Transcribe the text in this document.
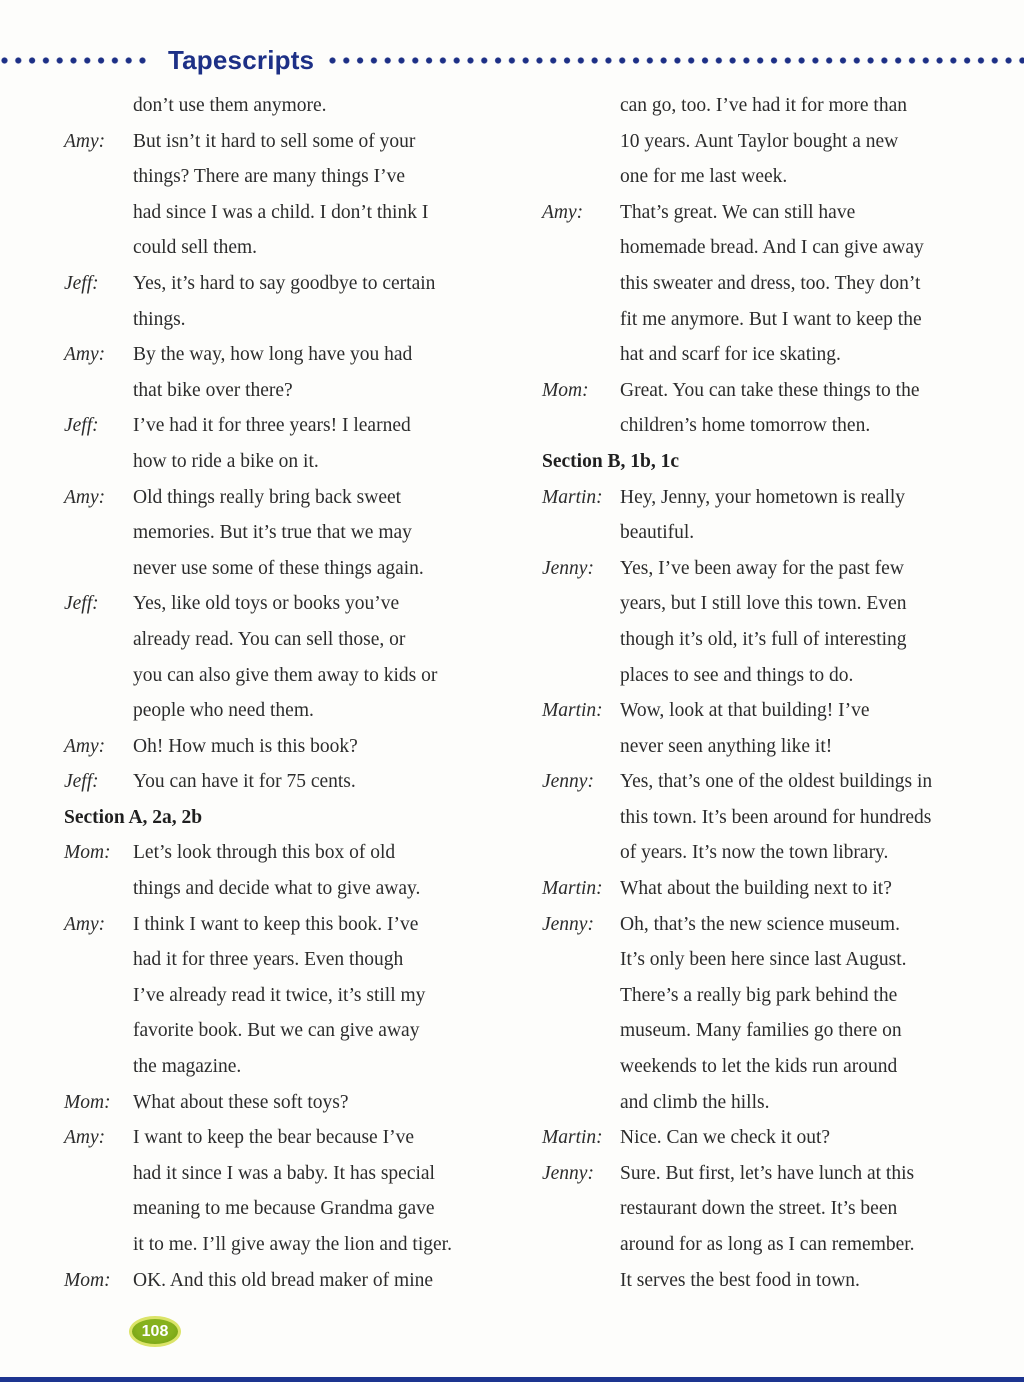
Tapescripts
don’t use them anymore.
Amy:	But isn’t it hard to sell some of your
things? There are many things I’ve
had since I was a child. I don’t think I
could sell them.
Jeff:	Yes, it’s hard to say goodbye to certain
things.
Amy:	By the way, how long have you had
that bike over there?
Jeff:	I’ve had it for three years! I learned
how to ride a bike on it.
Amy:	Old things really bring back sweet
memories. But it’s true that we may
never use some of these things again.
Jeff:	Yes, like old toys or books you’ve
already read. You can sell those, or
you can also give them away to kids or
people who need them.
Amy:	Oh! How much is this book?
Jeff:	You can have it for 75 cents.
Section A, 2a, 2b
Mom:	Let’s look through this box of old
things and decide what to give away.
Amy:	I think I want to keep this book. I’ve
had it for three years. Even though
I’ve already read it twice, it’s still my
favorite book. But we can give away
the magazine.
Mom:	What about these soft toys?
Amy:	I want to keep the bear because I’ve
had it since I was a baby. It has special
meaning to me because Grandma gave
it to me. I’ll give away the lion and tiger.
Mom:	OK. And this old bread maker of mine
can go, too. I’ve had it for more than
10 years. Aunt Taylor bought a new
one for me last week.
Amy:	That’s great. We can still have
homemade bread. And I can give away
this sweater and dress, too. They don’t
fit me anymore. But I want to keep the
hat and scarf for ice skating.
Mom:	Great. You can take these things to the
children’s home tomorrow then.
Section B, 1b, 1c
Martin: Hey, Jenny, your hometown is really
beautiful.
Jenny:	Yes, I’ve been away for the past few
years, but I still love this town. Even
though it’s old, it’s full of interesting
places to see and things to do.
Martin: Wow, look at that building! I’ve
never seen anything like it!
Jenny:	Yes, that’s one of the oldest buildings in
this town. It’s been around for hundreds
of years. It’s now the town library.
Martin: What about the building next to it?
Jenny:	Oh, that’s the new science museum.
It’s only been here since last August.
There’s a really big park behind the
museum. Many families go there on
weekends to let the kids run around
and climb the hills.
Martin: Nice. Can we check it out?
Jenny:	Sure. But first, let’s have lunch at this
restaurant down the street. It’s been
around for as long as I can remember.
It serves the best food in town.
108
